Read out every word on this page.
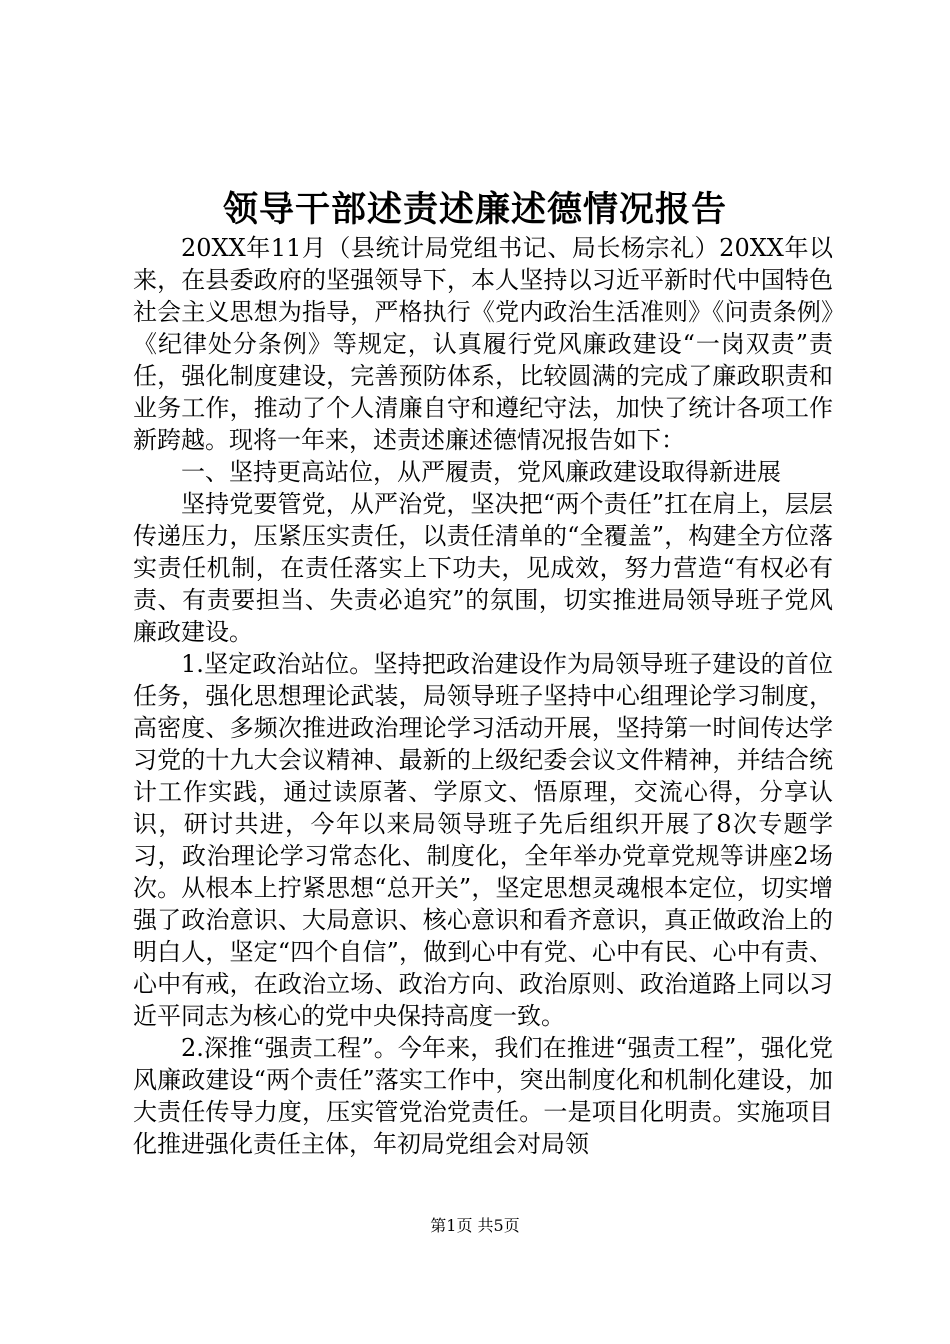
领导干部述责述廉述德情况报告

20XX年11月（县统计局党组书记、局长杨宗礼）20XX年以来，在县委政府的坚强领导下，本人坚持以习近平新时代中国特色社会主义思想为指导，严格执行《党内政治生活准则》《问责条例》《纪律处分条例》等规定，认真履行党风廉政建设“一岗双责”责任，强化制度建设，完善预防体系，比较圆满的完成了廉政职责和业务工作，推动了个人清廉自守和遵纪守法，加快了统计各项工作新跨越。现将一年来，述责述廉述德情况报告如下：

一、坚持更高站位，从严履责，党风廉政建设取得新进展

坚持党要管党，从严治党，坚决把“两个责任”扛在肩上，层层传递压力，压紧压实责任，以责任清单的“全覆盖”，构建全方位落实责任机制，在责任落实上下功夫，见成效，努力营造“有权必有责、有责要担当、失责必追究”的氛围，切实推进局领导班子党风廉政建设。

1.坚定政治站位。坚持把政治建设作为局领导班子建设的首位任务，强化思想理论武装，局领导班子坚持中心组理论学习制度，高密度、多频次推进政治理论学习活动开展，坚持第一时间传达学习党的十九大会议精神、最新的上级纪委会议文件精神，并结合统计工作实践，通过读原著、学原文、悟原理，交流心得，分享认识，研讨共进，今年以来局领导班子先后组织开展了8次专题学习，政治理论学习常态化、制度化，全年举办党章党规等讲座2场次。从根本上拧紧思想“总开关”，坚定思想灵魂根本定位，切实增强了政治意识、大局意识、核心意识和看齐意识，真正做政治上的明白人，坚定“四个自信”，做到心中有党、心中有民、心中有责、心中有戒，在政治立场、政治方向、政治原则、政治道路上同以习近平同志为核心的党中央保持高度一致。

2.深推“强责工程”。今年来，我们在推进“强责工程”，强化党风廉政建设“两个责任”落实工作中，突出制度化和机制化建设，加大责任传导力度，压实管党治党责任。一是项目化明责。实施项目化推进强化责任主体，年初局党组会对局领

第1页 共5页
